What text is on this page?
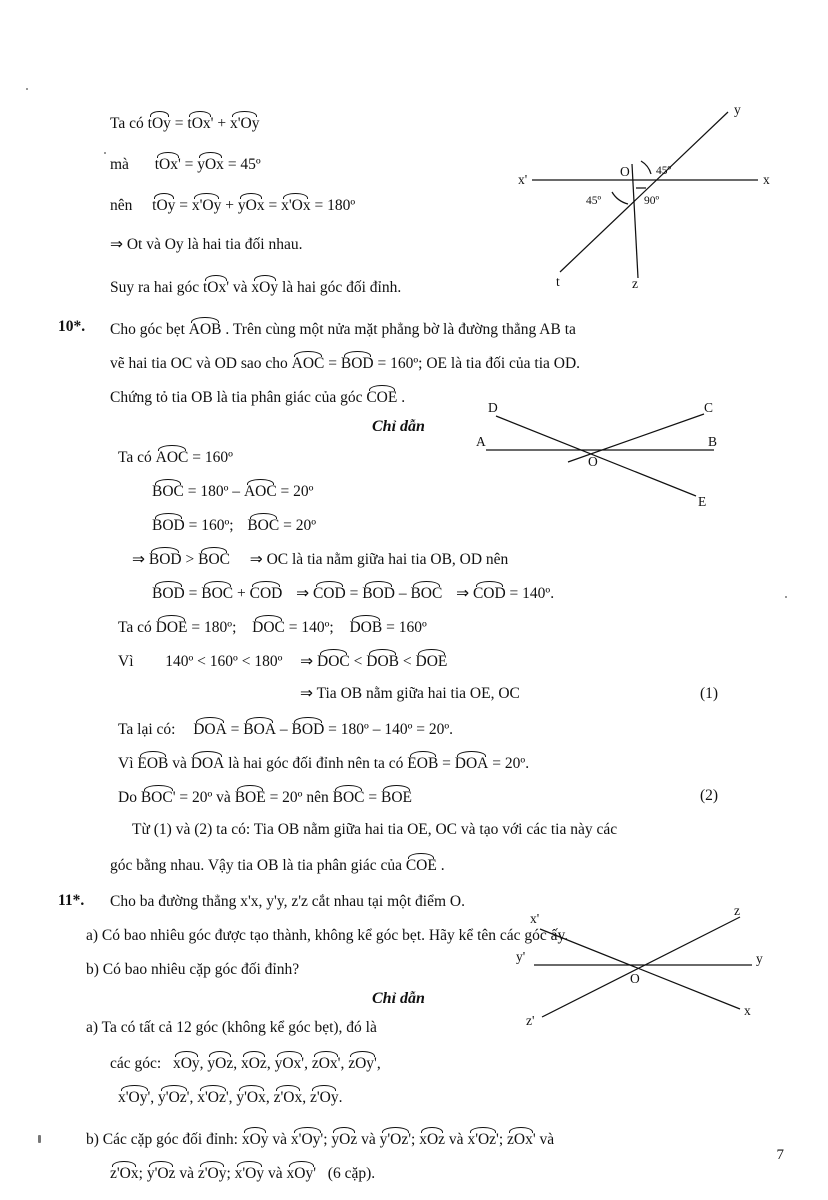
Ta có tOy = tOx' + x'Oy
mà tOx' = yOx = 45º
nên tOy = x'Oy + yOx = x'Ox = 180º
⇒ Ot và Oy là hai tia đối nhau.
Suy ra hai góc tOx' và xOy là hai góc đối đỉnh.
y
x
x'
O
t	z
45º
45º	90º
10*. Cho góc bẹt AOB . Trên cùng một nửa mặt phẳng bờ là đường thẳng AB ta
vẽ hai tia OC và OD sao cho AOC = BOD = 160º; OE là tia đối của tia OD.
Chứng tỏ tia OB là tia phân giác của góc COE .
Chỉ dẫn
Ta có AOC = 160º
BOC = 180º – AOC = 20º
BOD = 160º; BOC = 20º
⇒ BOD > BOC ⇒ OC là tia nằm giữa hai tia OB, OD nên
BOD = BOC + COD ⇒ COD = BOD – BOC ⇒ COD = 140º.
Ta có DOE = 180º; DOC = 140º; DOB = 160º
Vì 140º < 160º < 180º ⇒ DOC < DOB < DOE
⇒ Tia OB nằm giữa hai tia OE, OC	(1)
Ta lại có: DOA = BOA – BOD = 180º – 140º = 20º.
Vì EOB và DOA là hai góc đối đỉnh nên ta có EOB = DOA = 20º.
Do BOC' = 20º và BOE = 20º nên BOC = BOE	(2)
Từ (1) và (2) ta có: Tia OB nằm giữa hai tia OE, OC và tạo với các tia này các
góc bằng nhau. Vậy tia OB là tia phân giác của COE .
D	C
A	B
O
E
11*. Cho ba đường thẳng x'x, y'y, z'z cắt nhau tại một điểm O.
a) Có bao nhiêu góc được tạo thành, không kể góc bẹt. Hãy kể tên các góc ấy.
b) Có bao nhiêu cặp góc đối đỉnh?
Chỉ dẫn
a) Ta có tất cả 12 góc (không kể góc bẹt), đó là
các góc: xOy, yOz, xOz, yOx', zOx', zOy',
x'Oy', y'Oz', x'Oz', y'Ox, z'Ox, z'Oy.
b) Các cặp góc đối đỉnh: xOy và x'Oy'; yOz và y'Oz'; xOz và x'Oz'; zOx' và
z'Ox; y'Oz và z'Oy; x'Oy và xOy' (6 cặp).
z
x'
y'	y
O
x
z'
7
